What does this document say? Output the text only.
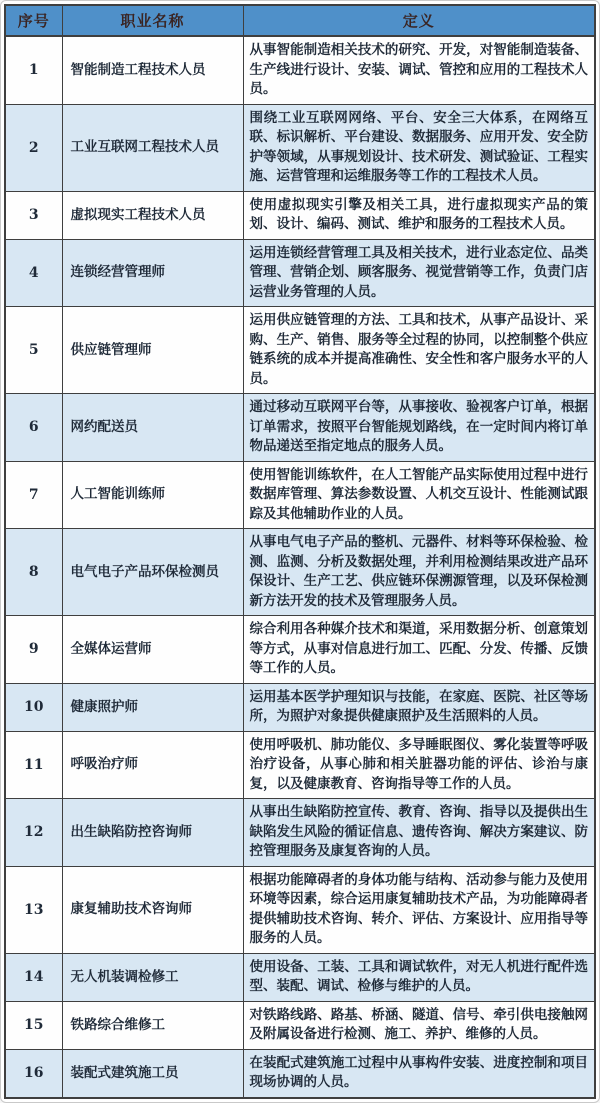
序号	职业名称	定义
1	智能制造工程技术人员	从事智能制造相关技术的研究、开发，对智能制造装备、生产线进行设计、安装、调试、管控和应用的工程技术人员。
2	工业互联网工程技术人员	围绕工业互联网网络、平台、安全三大体系，在网络互联、标识解析、平台建设、数据服务、应用开发、安全防护等领域，从事规划设计、技术研发、测试验证、工程实施、运营管理和运维服务等工作的工程技术人员。
3	虚拟现实工程技术人员	使用虚拟现实引擎及相关工具，进行虚拟现实产品的策划、设计、编码、测试、维护和服务的工程技术人员。
4	连锁经营管理师	运用连锁经营管理工具及相关技术，进行业态定位、品类管理、营销企划、顾客服务、视觉营销等工作，负责门店运营业务管理的人员。
5	供应链管理师	运用供应链管理的方法、工具和技术，从事产品设计、采购、生产、销售、服务等全过程的协同，以控制整个供应链系统的成本并提高准确性、安全性和客户服务水平的人员。
6	网约配送员	通过移动互联网平台等，从事接收、验视客户订单，根据订单需求，按照平台智能规划路线，在一定时间内将订单物品递送至指定地点的服务人员。
7	人工智能训练师	使用智能训练软件，在人工智能产品实际使用过程中进行数据库管理、算法参数设置、人机交互设计、性能测试跟踪及其他辅助作业的人员。
8	电气电子产品环保检测员	从事电气电子产品的整机、元器件、材料等环保检验、检测、监测、分析及数据处理，并利用检测结果改进产品环保设计、生产工艺、供应链环保溯源管理，以及环保检测新方法开发的技术及管理服务人员。
9	全媒体运营师	综合利用各种媒介技术和渠道，采用数据分析、创意策划等方式，从事对信息进行加工、匹配、分发、传播、反馈等工作的人员。
10	健康照护师	运用基本医学护理知识与技能，在家庭、医院、社区等场所，为照护对象提供健康照护及生活照料的人员。
11	呼吸治疗师	使用呼吸机、肺功能仪、多导睡眠图仪、雾化装置等呼吸治疗设备，从事心肺和相关脏器功能的评估、诊治与康复，以及健康教育、咨询指导等工作的人员。
12	出生缺陷防控咨询师	从事出生缺陷防控宣传、教育、咨询、指导以及提供出生缺陷发生风险的循证信息、遗传咨询、解决方案建议、防控管理服务及康复咨询的人员。
13	康复辅助技术咨询师	根据功能障碍者的身体功能与结构、活动参与能力及使用环境等因素，综合运用康复辅助技术产品，为功能障碍者提供辅助技术咨询、转介、评估、方案设计、应用指导等服务的人员。
14	无人机装调检修工	使用设备、工装、工具和调试软件，对无人机进行配件选型、装配、调试、检修与维护的人员。
15	铁路综合维修工	对铁路线路、路基、桥涵、隧道、信号、牵引供电接触网及附属设备进行检测、施工、养护、维修的人员。
16	装配式建筑施工员	在装配式建筑施工过程中从事构件安装、进度控制和项目现场协调的人员。
